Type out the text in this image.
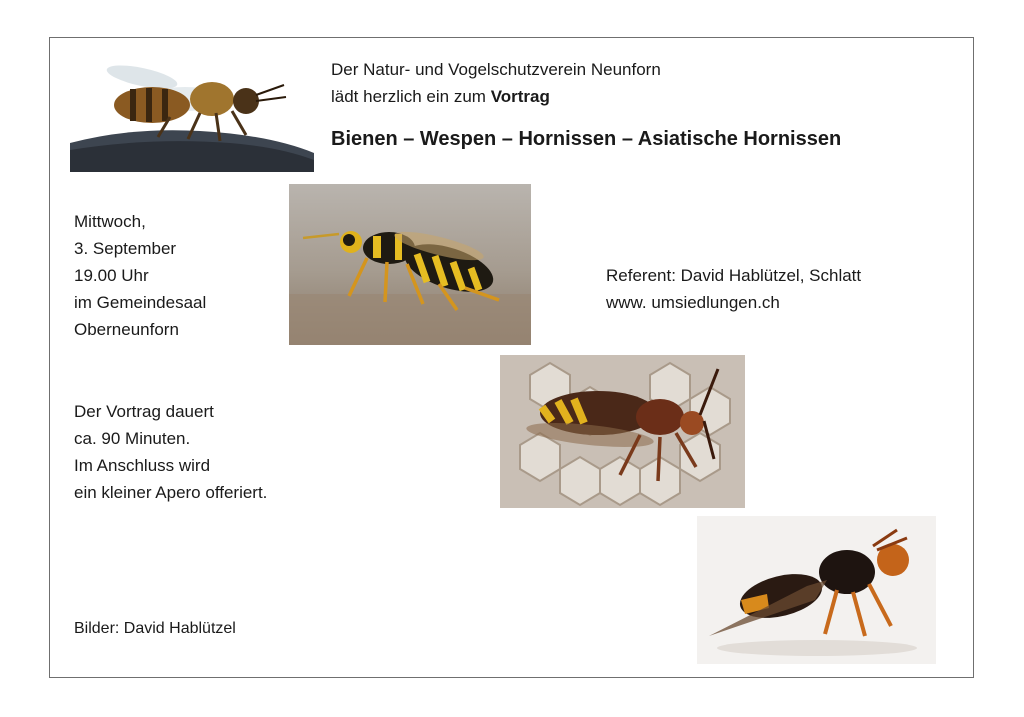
Der Natur- und Vogelschutzverein Neunforn
lädt herzlich ein zum Vortrag
Bienen – Wespen – Hornissen – Asiatische Hornissen
Mittwoch,
3. September
19.00 Uhr
im Gemeindesaal
Oberneunforn
Referent: David Hablützel, Schlatt
www. umsiedlungen.ch
Der Vortrag dauert
ca. 90 Minuten.
Im Anschluss wird
ein kleiner Apero offeriert.
Bilder: David Hablützel
